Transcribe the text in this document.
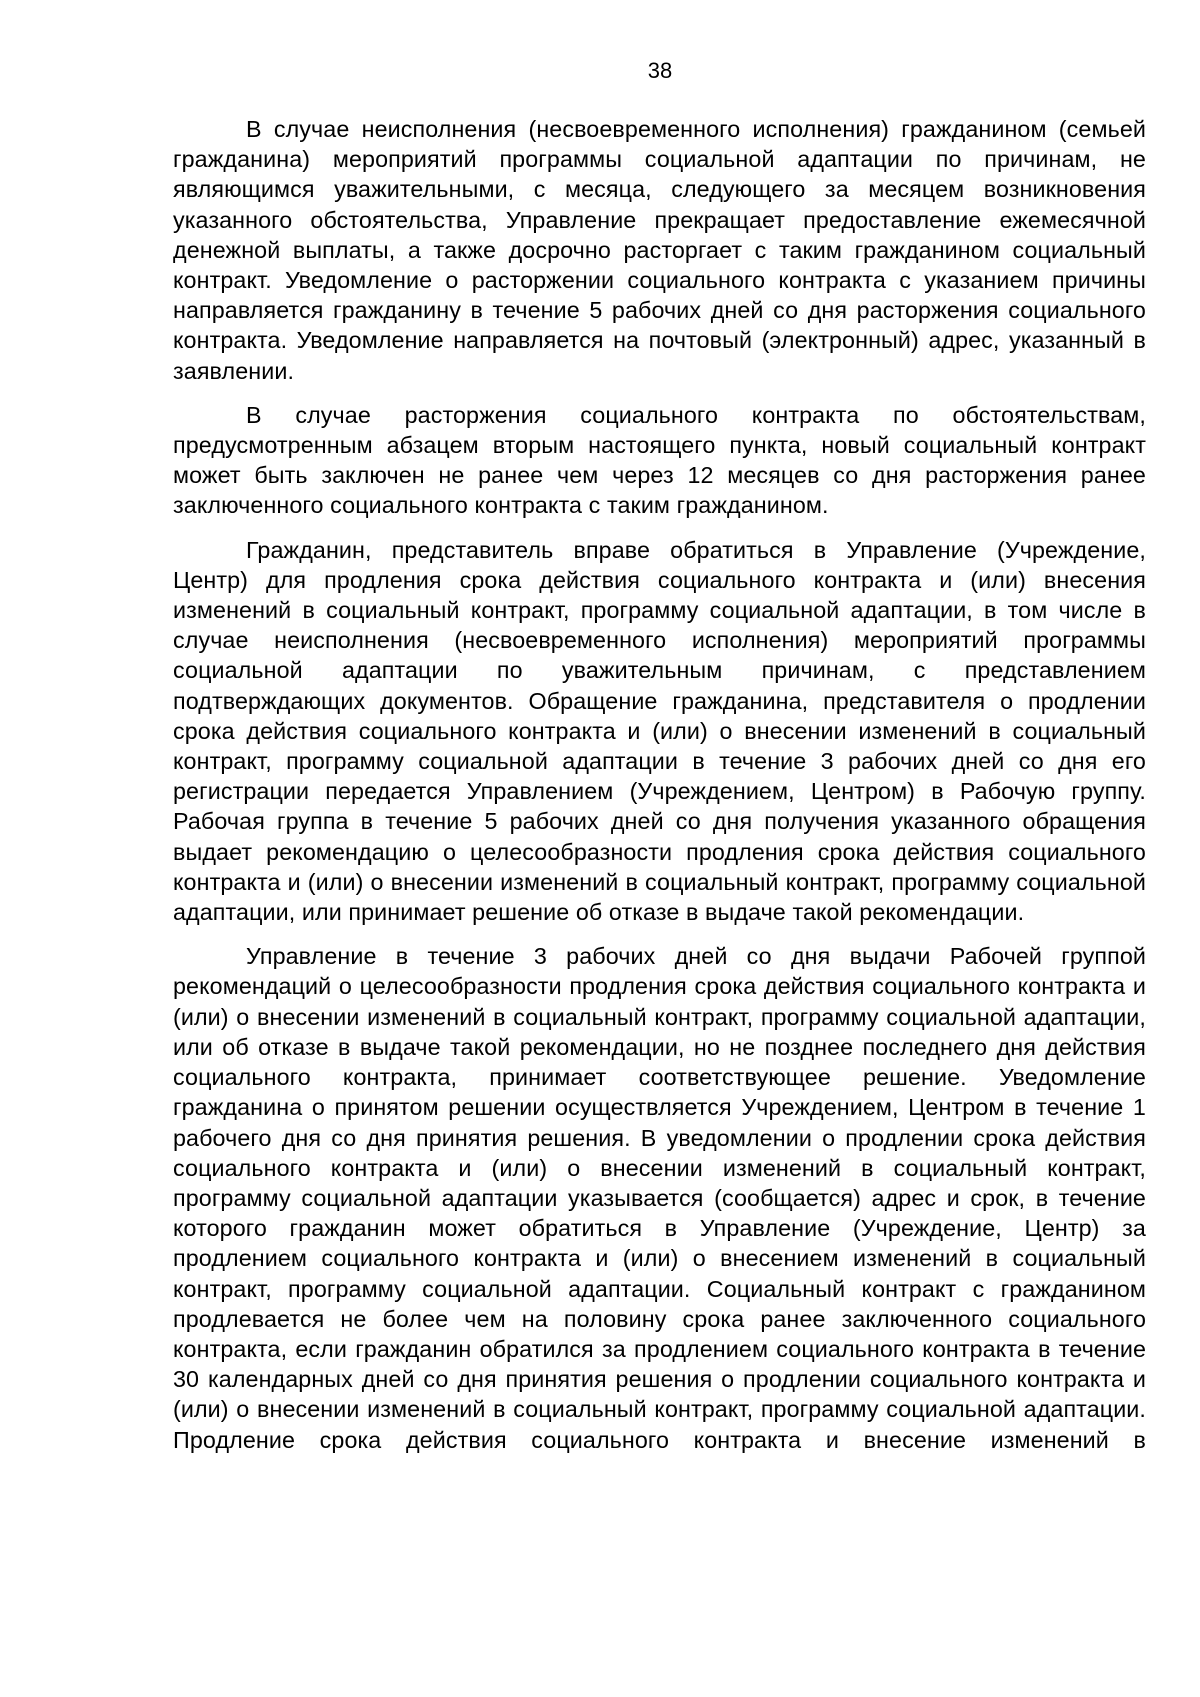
38

В случае неисполнения (несвоевременного исполнения) гражданином (семьей гражданина) мероприятий программы социальной адаптации по причинам, не являющимся уважительными, с месяца, следующего за месяцем возникновения указанного обстоятельства, Управление прекращает предоставление ежемесячной денежной выплаты, а также досрочно расторгает с таким гражданином социальный контракт. Уведомление о расторжении социального контракта с указанием причины направляется гражданину в течение 5 рабочих дней со дня расторжения социального контракта. Уведомление направляется на почтовый (электронный) адрес, указанный в заявлении.

В случае расторжения социального контракта по обстоятельствам, предусмотренным абзацем вторым настоящего пункта, новый социальный контракт может быть заключен не ранее чем через 12 месяцев со дня расторжения ранее заключенного социального контракта с таким гражданином.

Гражданин, представитель вправе обратиться в Управление (Учреждение, Центр) для продления срока действия социального контракта и (или) внесения изменений в социальный контракт, программу социальной адаптации, в том числе в случае неисполнения (несвоевременного исполнения) мероприятий программы социальной адаптации по уважительным причинам, с представлением подтверждающих документов. Обращение гражданина, представителя о продлении срока действия социального контракта и (или) о внесении изменений в социальный контракт, программу социальной адаптации в течение 3 рабочих дней со дня его регистрации передается Управлением (Учреждением, Центром) в Рабочую группу. Рабочая группа в течение 5 рабочих дней со дня получения указанного обращения выдает рекомендацию о целесообразности продления срока действия социального контракта и (или) о внесении изменений в социальный контракт, программу социальной адаптации, или принимает решение об отказе в выдаче такой рекомендации.

Управление в течение 3 рабочих дней со дня выдачи Рабочей группой рекомендаций о целесообразности продления срока действия социального контракта и (или) о внесении изменений в социальный контракт, программу социальной адаптации, или об отказе в выдаче такой рекомендации, но не позднее последнего дня действия социального контракта, принимает соответствующее решение. Уведомление гражданина о принятом решении осуществляется Учреждением, Центром в течение 1 рабочего дня со дня принятия решения. В уведомлении о продлении срока действия социального контракта и (или) о внесении изменений в социальный контракт, программу социальной адаптации указывается (сообщается) адрес и срок, в течение которого гражданин может обратиться в Управление (Учреждение, Центр) за продлением социального контракта и (или) о внесением изменений в социальный контракт, программу социальной адаптации. Социальный контракт с гражданином продлевается не более чем на половину срока ранее заключенного социального контракта, если гражданин обратился за продлением социального контракта в течение 30 календарных дней со дня принятия решения о продлении социального контракта и (или) о внесении изменений в социальный контракт, программу социальной адаптации. Продление срока действия социального контракта и внесение изменений в
